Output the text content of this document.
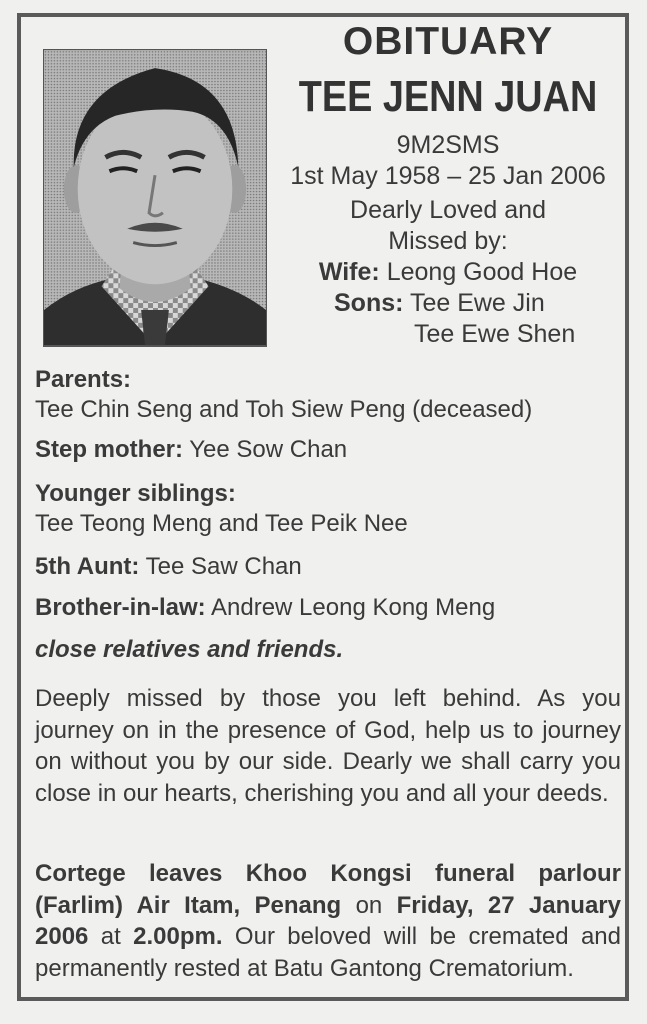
OBITUARY
TEE JENN JUAN
9M2SMS
1st May 1958 – 25 Jan 2006
Dearly Loved and
Missed by:
Wife: Leong Good Hoe
Sons: Tee Ewe Jin
Tee Ewe Shen
Parents:
Tee Chin Seng and Toh Siew Peng (deceased)
Step mother: Yee Sow Chan
Younger siblings:
Tee Teong Meng and Tee Peik Nee
5th Aunt: Tee Saw Chan
Brother-in-law: Andrew Leong Kong Meng
close relatives and friends.
Deeply missed by those you left behind. As you journey on in the presence of God, help us to journey on without you by our side. Dearly we shall carry you close in our hearts, cherishing you and all your deeds.
Cortege leaves Khoo Kongsi funeral parlour (Farlim) Air Itam, Penang on Friday, 27 January 2006 at 2.00pm. Our beloved will be cremated and permanently rested at Batu Gantong Crematorium.
